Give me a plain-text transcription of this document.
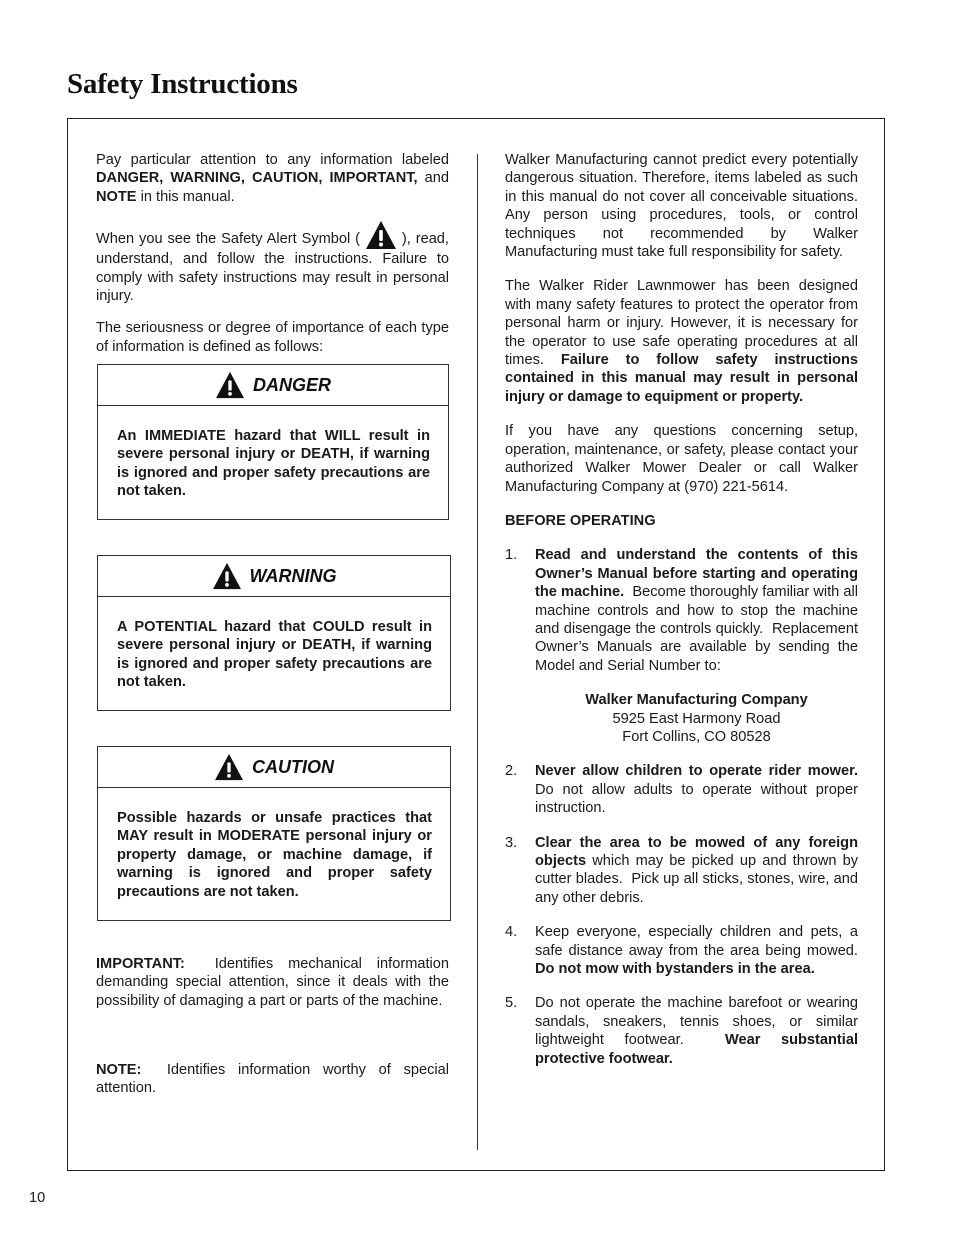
Safety Instructions

Pay particular attention to any information labeled DANGER, WARNING, CAUTION, IMPORTANT, and NOTE in this manual.

When you see the Safety Alert Symbol (  ), read, understand, and follow the instructions. Failure to comply with safety instructions may result in personal injury.

The seriousness or degree of importance of each type of information is defined as follows:

DANGER
An IMMEDIATE hazard that WILL result in severe personal injury or DEATH, if warning is ignored and proper safety precautions are not taken.
WARNING
A POTENTIAL hazard that COULD result in severe personal injury or DEATH, if warning is ignored and proper safety precautions are not taken.
CAUTION
Possible hazards or unsafe practices that MAY result in MODERATE personal injury or property damage, or machine damage, if warning is ignored and proper safety precautions are not taken.
IMPORTANT:  Identifies mechanical information demanding special attention, since it deals with the possibility of damaging a part or parts of the machine.
NOTE:  Identifies information worthy of special attention.

Walker Manufacturing cannot predict every potentially dangerous situation. Therefore, items labeled as such in this manual do not cover all conceivable situations. Any person using procedures, tools, or control techniques not recommended by Walker Manufacturing must take full responsibility for safety.

The Walker Rider Lawnmower has been designed with many safety features to protect the operator from personal harm or injury. However, it is necessary for the operator to use safe operating procedures at all times. Failure to follow safety instructions contained in this manual may result in personal injury or damage to equipment or property.

If you have any questions concerning setup, operation, maintenance, or safety, please contact your authorized Walker Mower Dealer or call Walker Manufacturing Company at (970) 221-5614.

BEFORE OPERATING

1.	Read and understand the contents of this Owner’s Manual before starting and operating the machine.  Become thoroughly familiar with all machine controls and how to stop the machine and disengage the controls quickly.  Replacement Owner’s Manuals are available by sending the Model and Serial Number to:
Walker Manufacturing Company
5925 East Harmony Road
Fort Collins, CO 80528
2.	Never allow children to operate rider mower.  Do not allow adults to operate without proper instruction.
3.	Clear the area to be mowed of any foreign objects which may be picked up and thrown by cutter blades.  Pick up all sticks, stones, wire, and any other debris.
4.	Keep everyone, especially children and pets, a safe distance away from the area being mowed.  Do not mow with bystanders in the area.
5.	Do not operate the machine barefoot or wearing sandals, sneakers, tennis shoes, or similar lightweight footwear.  Wear substantial protective footwear.
10
